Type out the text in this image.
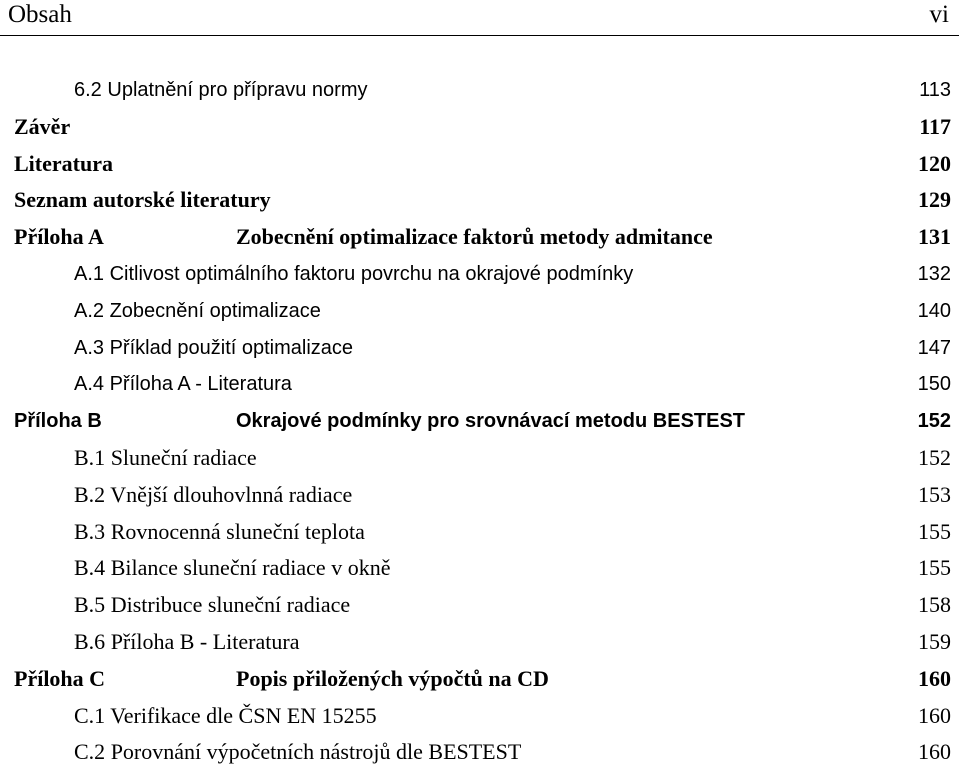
Obsah	vi
6.2 Uplatnění pro přípravu normy .....	113
Závěr	117
Literatura	120
Seznam autorské literatury	129
Příloha A	Zobecnění optimalizace faktorů metody admitance	131
A.1 Citlivost optimálního faktoru povrchu na okrajové podmínky .....	132
A.2 Zobecnění optimalizace .....	140
A.3 Příklad použití optimalizace .....	147
A.4 Příloha A - Literatura .....	150
Příloha B	Okrajové podmínky pro srovnávací metodu BESTEST	152
B.1 Sluneční radiace .....	152
B.2 Vnější dlouhovlnná radiace .....	153
B.3 Rovnocenná sluneční teplota .....	155
B.4 Bilance sluneční radiace v okně .....	155
B.5 Distribuce sluneční radiace .....	158
B.6 Příloha B - Literatura .....	159
Příloha C	Popis přiložených výpočtů na CD	160
C.1 Verifikace dle ČSN EN 15255 .....	160
C.2 Porovnání výpočetních nástrojů dle BESTEST .....	160
